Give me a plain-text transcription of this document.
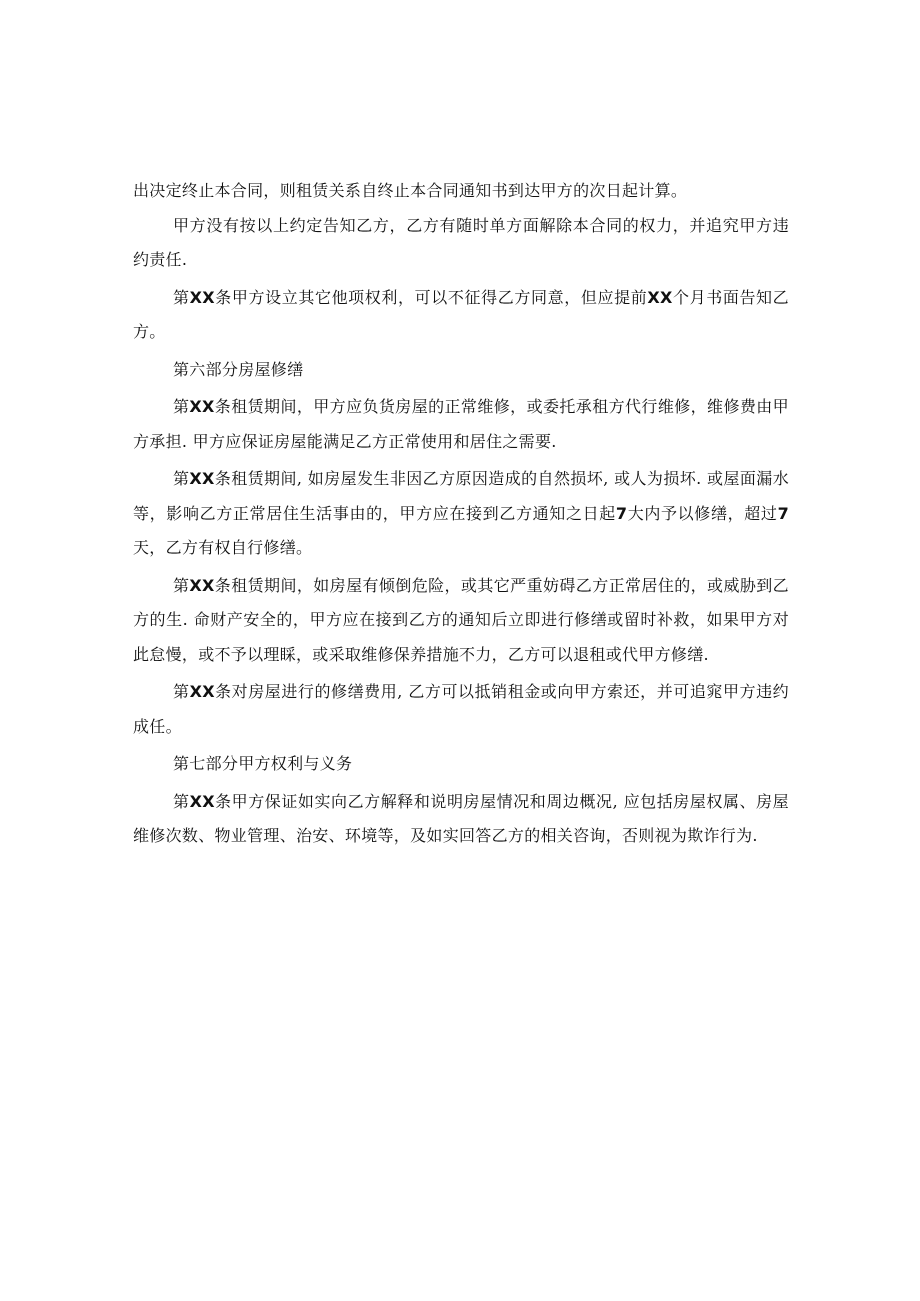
出决定终止本合同，则租赁关系自终止本合同通知书到达甲方的次日起计算。

甲方没有按以上约定告知乙方，乙方有随时单方面解除本合同的权力，并追究甲方违约责任.

第XX条甲方设立其它他项权利，可以不征得乙方同意，但应提前XX个月书面告知乙方。

第六部分房屋修缮

第XX条租赁期间，甲方应负货房屋的正常维修，或委托承租方代行维修，维修费由甲方承担. 甲方应保证房屋能满足乙方正常使用和居住之需要.

第XX条租赁期间, 如房屋发生非因乙方原因造成的自然损坏, 或人为损坏. 或屋面漏水等，影响乙方正常居住生活事由的，甲方应在接到乙方通知之日起7大内予以修缮，超过7天，乙方有权自行修缮。

第XX条租赁期间，如房屋有倾倒危险，或其它严重妨碍乙方正常居住的，或威胁到乙方的生. 命财产安全的，甲方应在接到乙方的通知后立即进行修缮或留时补救，如果甲方对此怠慢，或不予以理睬，或采取维修保养措施不力，乙方可以退租或代甲方修缮.

第XX条对房屋进行的修缮费用, 乙方可以抵销租金或向甲方索还，并可追窕甲方违约成任。

第七部分甲方权利与义务

第XX条甲方保证如实向乙方解释和说明房屋情况和周边概况, 应包括房屋权属、房屋维修次数、物业管理、治安、环境等，及如实回答乙方的相关咨询，否则视为欺诈行为.
